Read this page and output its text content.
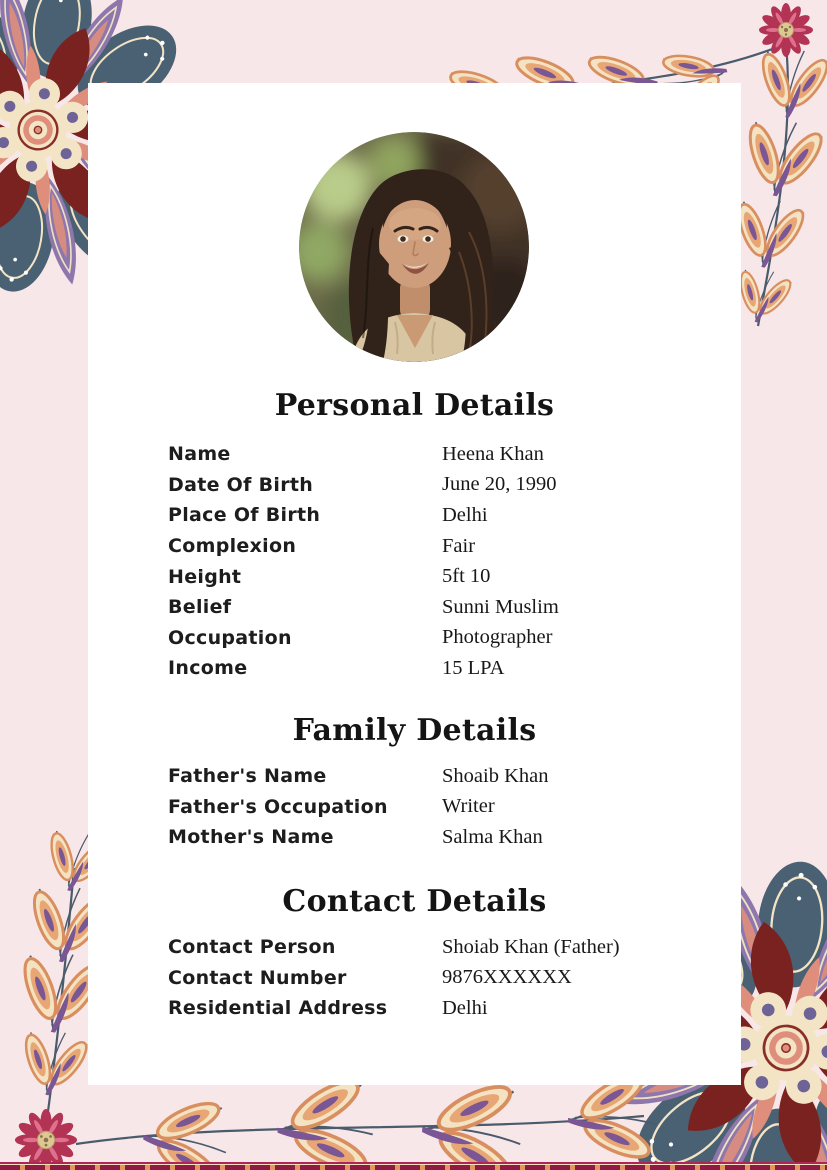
Personal Details
Name	Heena Khan
Date Of Birth	June 20, 1990
Place Of Birth	Delhi
Complexion	Fair
Height	5ft 10
Belief	Sunni Muslim
Occupation	Photographer
Income	15 LPA
Family Details
Father's Name	Shoaib Khan
Father's Occupation	Writer
Mother's Name	Salma Khan
Contact Details
Contact Person	Shoiab Khan (Father)
Contact Number	9876XXXXXX
Residential Address	Delhi
